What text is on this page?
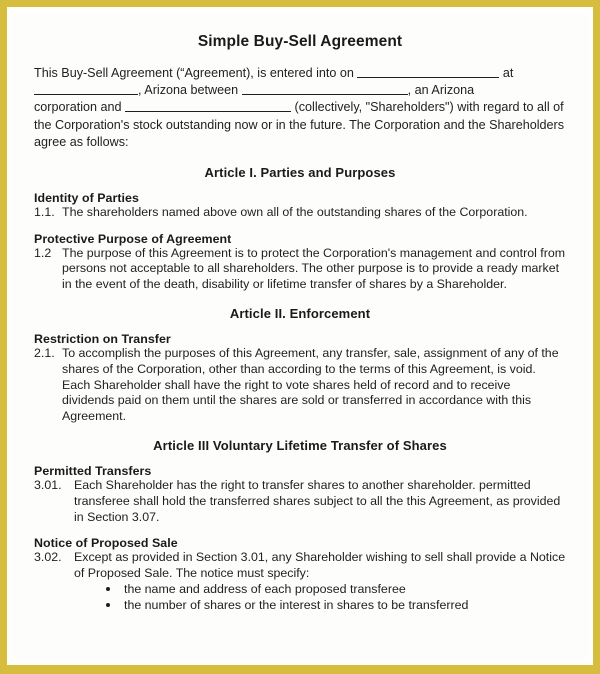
Simple Buy-Sell Agreement

This Buy-Sell Agreement (“Agreement), is entered into on	at
, Arizona between	, an Arizona
corporation and	(collectively, "Shareholders") with regard to all of the Corporation's stock outstanding now or in the future. The Corporation and the Shareholders agree as follows:

Article I. Parties and Purposes
Identity of Parties
1.1. The shareholders named above own all of the outstanding shares of the Corporation.
Protective Purpose of Agreement
1.2 The purpose of this Agreement is to protect the Corporation's management and control from persons not acceptable to all shareholders. The other purpose is to provide a ready market in the event of the death, disability or lifetime transfer of shares by a Shareholder.
Article II. Enforcement
Restriction on Transfer
2.1. To accomplish the purposes of this Agreement, any transfer, sale, assignment of any of the shares of the Corporation, other than according to the terms of this Agreement, is void. Each Shareholder shall have the right to vote shares held of record and to receive dividends paid on them until the shares are sold or transferred in accordance with this Agreement.
Article III Voluntary Lifetime Transfer of Shares
Permitted Transfers
3.01.	Each Shareholder has the right to transfer shares to another shareholder. permitted transferee shall hold the transferred shares subject to all the this Agreement, as provided in Section 3.07.
Notice of Proposed Sale
3.02.	Except as provided in Section 3.01, any Shareholder wishing to sell shall provide a Notice of Proposed Sale. The notice must specify:
the name and address of each proposed transferee
the number of shares or the interest in shares to be transferred
